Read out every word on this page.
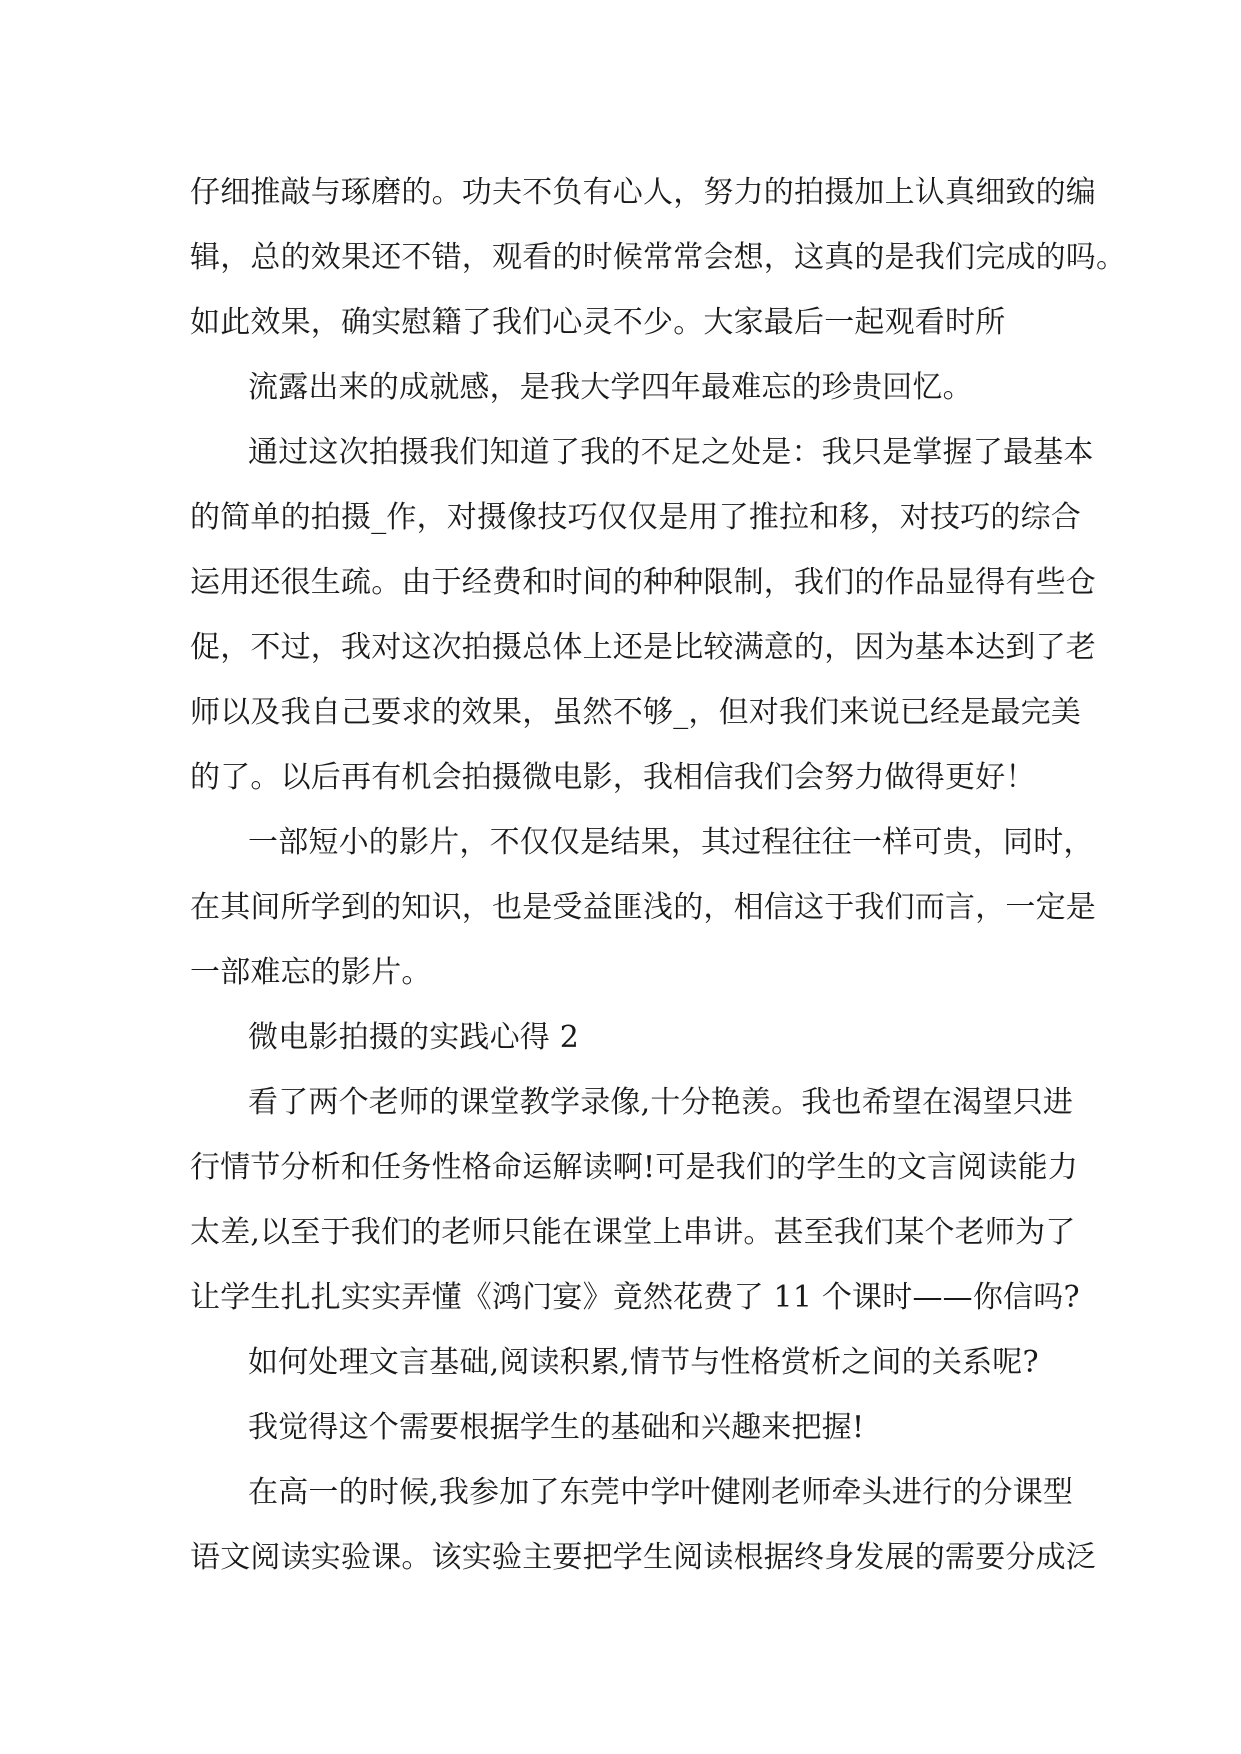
仔细推敲与琢磨的。功夫不负有心人，努力的拍摄加上认真细致的编
辑，总的效果还不错，观看的时候常常会想，这真的是我们完成的吗。
如此效果，确实慰籍了我们心灵不少。大家最后一起观看时所
流露出来的成就感，是我大学四年最难忘的珍贵回忆。
通过这次拍摄我们知道了我的不足之处是：我只是掌握了最基本
的简单的拍摄_作，对摄像技巧仅仅是用了推拉和移，对技巧的综合
运用还很生疏。由于经费和时间的种种限制，我们的作品显得有些仓
促，不过，我对这次拍摄总体上还是比较满意的，因为基本达到了老
师以及我自己要求的效果，虽然不够_，但对我们来说已经是最完美
的了。以后再有机会拍摄微电影，我相信我们会努力做得更好！
一部短小的影片，不仅仅是结果，其过程往往一样可贵，同时，
在其间所学到的知识，也是受益匪浅的，相信这于我们而言，一定是
一部难忘的影片。
微电影拍摄的实践心得 2
看了两个老师的课堂教学录像,十分艳羡。我也希望在渴望只进
行情节分析和任务性格命运解读啊!可是我们的学生的文言阅读能力
太差,以至于我们的老师只能在课堂上串讲。甚至我们某个老师为了
让学生扎扎实实弄懂《鸿门宴》竟然花费了 11 个课时——你信吗?
如何处理文言基础,阅读积累,情节与性格赏析之间的关系呢?
我觉得这个需要根据学生的基础和兴趣来把握!
在高一的时候,我参加了东莞中学叶健刚老师牵头进行的分课型
语文阅读实验课。该实验主要把学生阅读根据终身发展的需要分成泛
